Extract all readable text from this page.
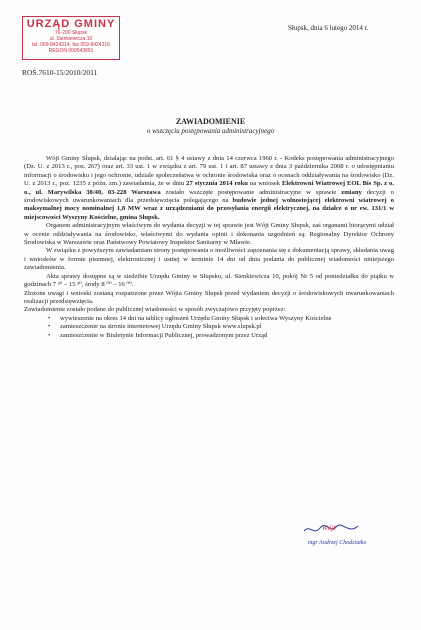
URZĄD GMINY
76-200 Słupsk
ul. Sienkiewicza 10
tel. 059-8424314, fax 059-8424316
REGON 000543891
Słupsk, dnia 6 lutego 2014 r.
ROŚ.7610-15/2010/2011
ZAWIADOMIENIE
o wszczęciu postępowania administracyjnego

Wójt Gminy Słupsk, działając na podst. art. 61 § 4 ustawy z dnia 14 czerwca 1960 r. - Kodeks postępowania administracyjnego (Dz. U. z 2013 r., poz. 267) oraz art. 33 ust. 1 w związku z art. 79 ust. 1 i art. 87 ustawy z dnia 3 października 2008 r. o udostępnianiu informacji o środowisku i jego ochronie, udziale społeczeństwa w ochronie środowiska oraz o ocenach oddziaływania na środowisko (Dz. U. z 2013 r., poz. 1235 z późn. zm.) zawiadamia, że w dniu 27 stycznia 2014 roku na wniosek Elektrowni Wiatrowej EOL Bis Sp. z o. o., ul. Marywilska 38/40, 03-228 Warszawa zostało wszczęte postępowanie administracyjne w sprawie zmiany decyzji o środowiskowych uwarunkowaniach dla przedsięwzięcia polegającego na budowie jednej wolnostojącej elektrowni wiatrowej o maksymalnej mocy nominalnej 1,8 MW wraz z urządzeniami do przesyłania energii elektrycznej, na działce o nr ew. 131/1 w miejscowości Wyszyny Kościelne, gmina Słupsk.

Organem administracyjnym właściwym do wydania decyzji w tej sprawie jest Wójt Gminy Słupsk, zaś organami biorącymi udział w ocenie oddziaływania na środowisko, właściwymi do wydania opinii i dokonania uzgodnień są: Regionalny Dyrektor Ochrony Środowiska w Warszawie oraz Państwowy Powiatowy Inspektor Sanitarny w Mławie.

W związku z powyższym zawiadamiam strony postępowania o możliwości zapoznania się z dokumentacją sprawy, składania uwag i wniosków w formie pisemnej, elektronicznej i ustnej w terminie 14 dni od dnia podania do publicznej wiadomości niniejszego zawiadomienia.

Akta sprawy dostępne są w siedzibie Urzędu Gminy w Słupsku, ul. Sienkiewicza 10, pokój Nr 5 od poniedziałku do piątku w godzinach 7 ³⁰ – 15 ³⁰, środy 8 ⁰⁰ – 16 ⁰⁰.

Złożone uwagi i wnioski zostaną rozpatrzone przez Wójta Gminy Słupsk przed wydaniem decyzji o środowiskowych uwarunkowaniach realizacji przedsięwzięcia.

Zawiadomienie zostało podane do publicznej wiadomości w sposób zwyczajowo przyjęty poprzez:

• wywieszenie na okres 14 dni na tablicy ogłoszeń Urzędu Gminy Słupsk i sołectwa Wyszyny Kościelne
• zamieszczenie na stronie internetowej Urzędu Gminy Słupsk www.slupsk.pl
• zamieszczenie w Biuletynie Informacji Publicznej, prowadzonym przez Urząd
Wójt
mgr Andrzej Chodziutko
